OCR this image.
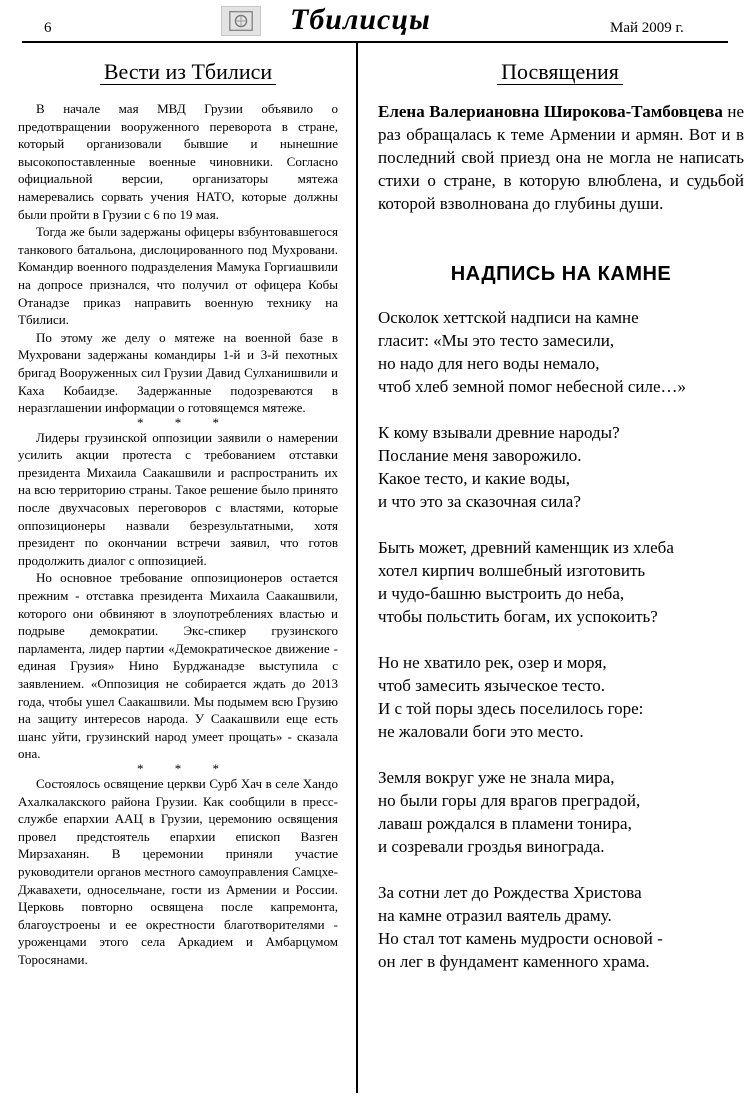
6	Тбилисцы	Май 2009 г.
Вести из Тбилиси

В начале мая МВД Грузии объявило о предотвращении вооруженного переворота в стране, который организовали бывшие и нынешние высокопоставленные военные чиновники. Согласно официальной версии, организаторы мятежа намеревались сорвать учения НАТО, которые должны были пройти в Грузии с 6 по 19 мая.

Тогда же были задержаны офицеры взбунтовавшегося танкового батальона, дислоцированного под Мухровани. Командир военного подразделения Мамука Горгиашвили на допросе признался, что получил от офицера Кобы Отанадзе приказ направить военную технику на Тбилиси.

По этому же делу о мятеже на военной базе в Мухровани задержаны командиры 1-й и 3-й пехотных бригад Вооруженных сил Грузии Давид Сулханишвили и Каха Кобаидзе. Задержанные подозреваются в неразглашении информации о готовящемся мятеже.

* * *

Лидеры грузинской оппозиции заявили о намерении усилить акции протеста с требованием отставки президента Михаила Саакашвили и распространить их на всю территорию страны. Такое решение было принято после двухчасовых переговоров с властями, которые оппозиционеры назвали безрезультатными, хотя президент по окончании встречи заявил, что готов продолжить диалог с оппозицией.

Но основное требование оппозиционеров остается прежним - отставка президента Михаила Саакашвили, которого они обвиняют в злоупотреблениях властью и подрыве демократии. Экс-спикер грузинского парламента, лидер партии «Демократическое движение - единая Грузия» Нино Бурджанадзе выступила с заявлением. «Оппозиция не собирается ждать до 2013 года, чтобы ушел Саакашвили. Мы подымем всю Грузию на защиту интересов народа. У Саакашвили еще есть шанс уйти, грузинский народ умеет прощать» - сказала она.

* * *

Состоялось освящение церкви Сурб Хач в селе Хандо Ахалкалакского района Грузии. Как сообщили в пресс-службе епархии ААЦ в Грузии, церемонию освящения провел предстоятель епархии епископ Вазген Мирзаханян. В церемонии приняли участие руководители органов местного самоуправления Самцхе-Джавахети, односельчане, гости из Армении и России. Церковь повторно освящена после капремонта, благоустроены и ее окрестности благотворителями - уроженцами этого села Аркадием и Амбарцумом Торосянами.

Посвящения

Елена Валериановна Широкова-Тамбовцева не раз обращалась к теме Армении и армян. Вот и в последний свой приезд она не могла не написать стихи о стране, в которую влюблена, и судьбой которой взволнована до глубины души.

НАДПИСЬ НА КАМНЕ
Осколок хеттской надписи на камне
гласит: «Мы это тесто замесили,
но надо для него воды немало,
чтоб хлеб земной помог небесной силе…»
К кому взывали древние народы?
Послание меня заворожило.
Какое тесто, и какие воды,
и что это за сказочная сила?
Быть может, древний каменщик из хлеба
хотел кирпич волшебный изготовить
и чудо-башню выстроить до неба,
чтобы польстить богам, их успокоить?
Но не хватило рек, озер и моря,
чтоб замесить языческое тесто.
И с той поры здесь поселилось горе:
не жаловали боги это место.
Земля вокруг уже не знала мира,
но были горы для врагов преградой,
лаваш рождался в пламени тонира,
и созревали гроздья винограда.
За сотни лет до Рождества Христова
на камне отразил ваятель драму.
Но стал тот камень мудрости основой -
он лег в фундамент каменного храма.
